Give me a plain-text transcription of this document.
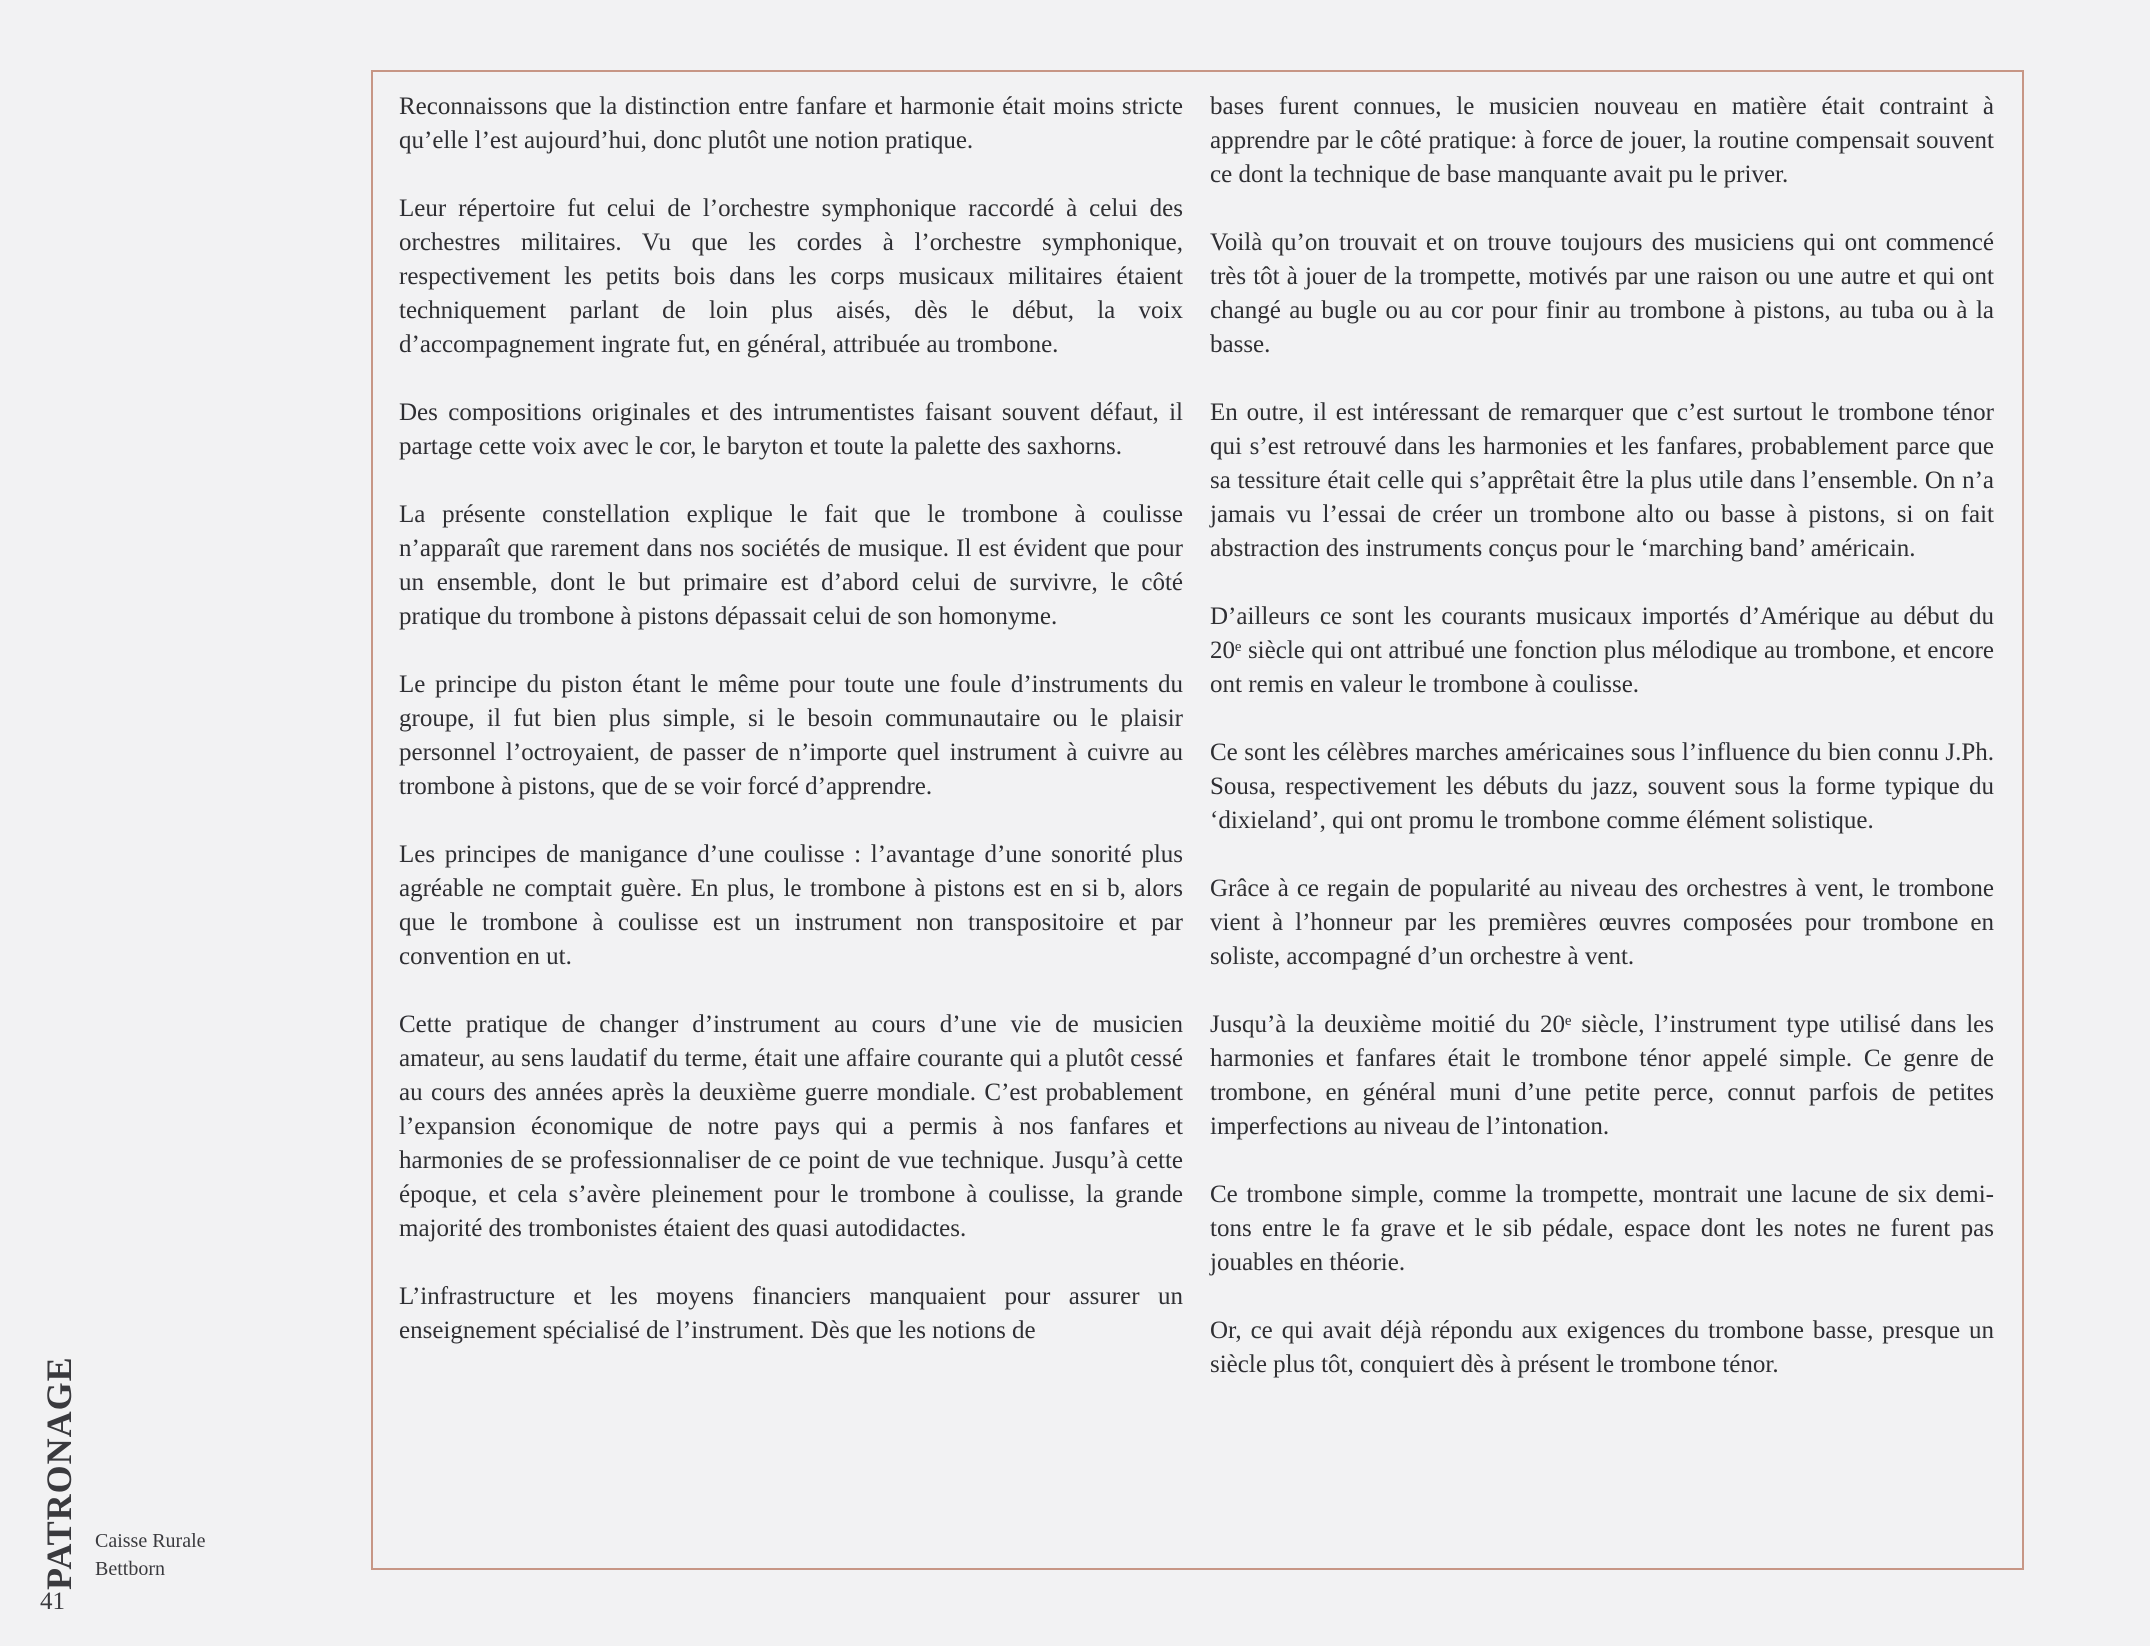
Reconnaissons que la distinction entre fanfare et harmonie était moins stricte qu’elle l’est aujourd’hui, donc plutôt une notion pratique.

Leur répertoire fut celui de l’orchestre symphonique raccordé à celui des orchestres militaires. Vu que les cordes à l’orchestre symphonique, respectivement les petits bois dans les corps musicaux militaires étaient techniquement parlant de loin plus aisés, dès le début, la voix d’accompagnement ingrate fut, en général, attribuée au trombone.

Des compositions originales et des intrumentistes faisant souvent défaut, il partage cette voix avec le cor, le baryton et toute la palette des saxhorns.

La présente constellation explique le fait que le trombone à coulisse n’apparaît que rarement dans nos sociétés de musique. Il est évident que pour un ensemble, dont le but primaire est d’abord celui de survivre, le côté pratique du trombone à pistons dépassait celui de son homonyme.

Le principe du piston étant le même pour toute une foule d’instruments du groupe, il fut bien plus simple, si le besoin communautaire ou le plaisir personnel l’octroyaient, de passer de n’importe quel instrument à cuivre au trombone à pistons, que de se voir forcé d’apprendre.

Les principes de manigance d’une coulisse : l’avantage d’une sonorité plus agréable ne comptait guère. En plus, le trombone à pistons est en si b, alors que le trombone à coulisse est un instrument non transpositoire et par convention en ut.

Cette pratique de changer d’instrument au cours d’une vie de musicien amateur, au sens laudatif du terme, était une affaire courante qui a plutôt cessé au cours des années après la deuxième guerre mondiale. C’est probablement l’expansion économique de notre pays qui a permis à nos fanfares et harmonies de se professionnaliser de ce point de vue technique. Jusqu’à cette époque, et cela s’avère pleinement pour le trombone à coulisse, la grande majorité des trombonistes étaient des quasi autodidactes.

L’infrastructure et les moyens financiers manquaient pour assurer un enseignement spécialisé de l’instrument. Dès que les notions de

bases furent connues, le musicien nouveau en matière était contraint à apprendre par le côté pratique: à force de jouer, la routine compensait souvent ce dont la technique de base manquante avait pu le priver.

Voilà qu’on trouvait et on trouve toujours des musiciens qui ont commencé très tôt à jouer de la trompette, motivés par une raison ou une autre et qui ont changé au bugle ou au cor pour finir au trombone à pistons, au tuba ou à la basse.

En outre, il est intéressant de remarquer que c’est surtout le trombone ténor qui s’est retrouvé dans les harmonies et les fanfares, probablement parce que sa tessiture était celle qui s’apprêtait être la plus utile dans l’ensemble. On n’a jamais vu l’essai de créer un trombone alto ou basse à pistons, si on fait abstraction des instruments conçus pour le ‘marching band’ américain.

D’ailleurs ce sont les courants musicaux importés d’Amérique au début du 20ᵉ siècle qui ont attribué une fonction plus mélodique au trombone, et encore ont remis en valeur le trombone à coulisse.

Ce sont les célèbres marches américaines sous l’influence du bien connu J.Ph. Sousa, respectivement les débuts du jazz, souvent sous la forme typique du ‘dixieland’, qui ont promu le trombone comme élément solistique.

Grâce à ce regain de popularité au niveau des orchestres à vent, le trombone vient à l’honneur par les premières œuvres composées pour trombone en soliste, accompagné d’un orchestre à vent.

Jusqu’à la deuxième moitié du 20ᵉ siècle, l’instrument type utilisé dans les harmonies et fanfares était le trombone ténor appelé simple. Ce genre de trombone, en général muni d’une petite perce, connut parfois de petites imperfections au niveau de l’intonation.

Ce trombone simple, comme la trompette, montrait une lacune de six demi-tons entre le fa grave et le sib pédale, espace dont les notes ne furent pas jouables en théorie.

Or, ce qui avait déjà répondu aux exigences du trombone basse, presque un siècle plus tôt, conquiert dès à présent le trombone ténor.

PATRONAGE Caisse Rurale
Bettborn
41
